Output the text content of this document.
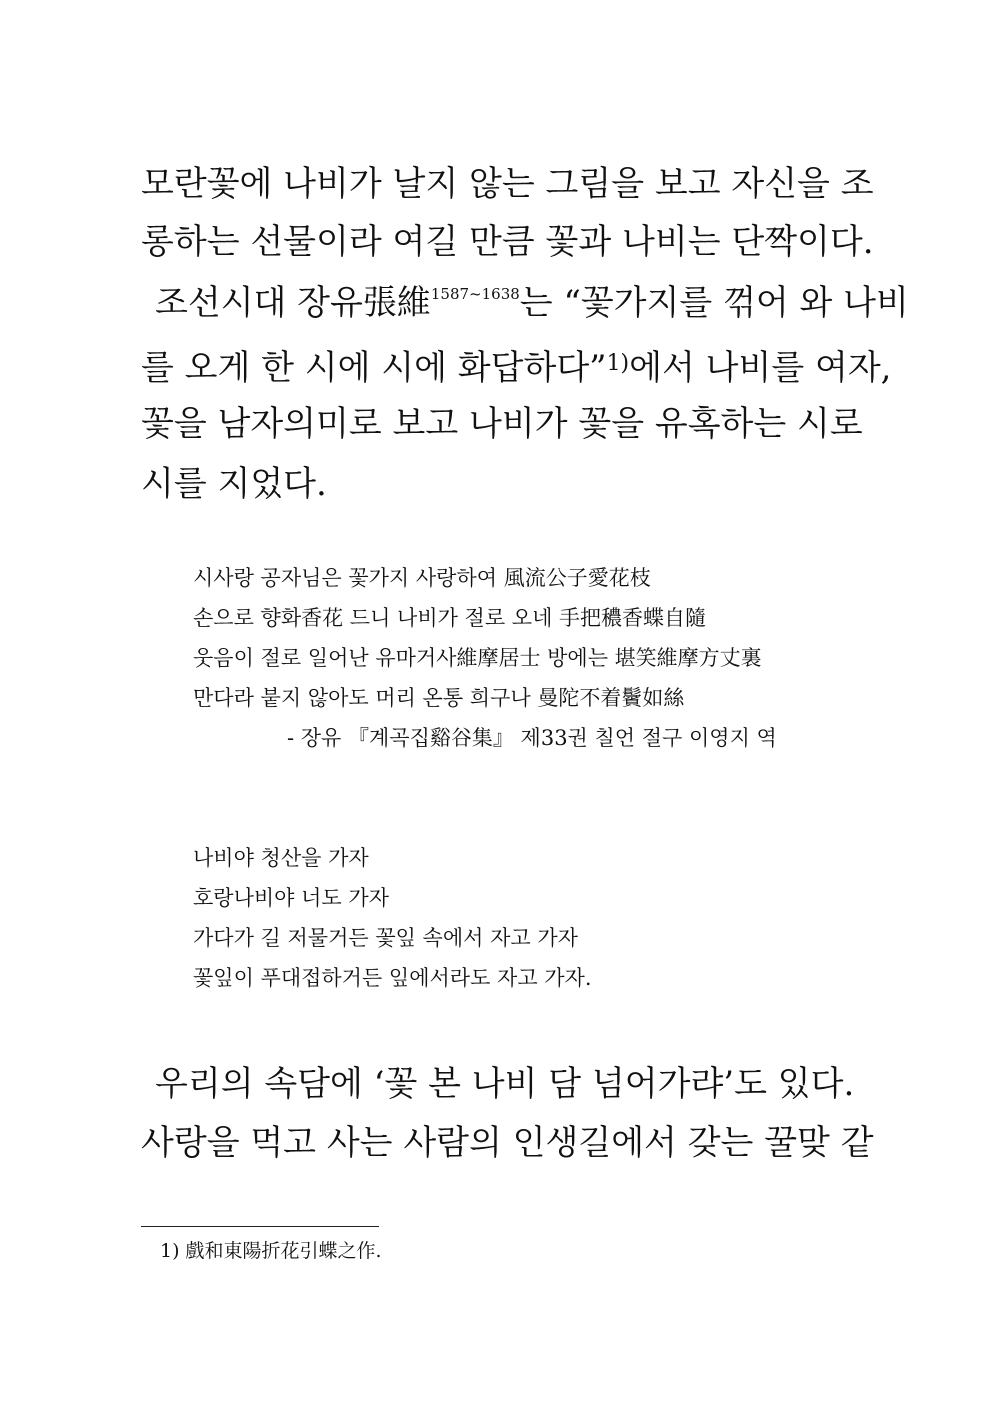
모란꽃에 나비가 날지 않는 그림을 보고 자신을 조
롱하는 선물이라 여길 만큼 꽃과 나비는 단짝이다.
조선시대 장유張維$^{1587\sim 1638}$는 “꽃가지를 꺾어 와 나비
를 오게 한 시에 시에 화답하다”$^{1)}$에서 나비를 여자,
꽃을 남자의미로 보고 나비가 꽃을 유혹하는 시로
시를 지었다.
시사랑 공자님은 꽃가지 사랑하여 風流公子愛花枝
손으로 향화香花 드니 나비가 절로 오네 手把穠香蝶自隨
웃음이 절로 일어난 유마거사維摩居士 방에는 堪笑維摩方丈裏
만다라 붙지 않아도 머리 온통 희구나 曼陀不着鬢如絲
- 장유 『계곡집谿谷集』 제33권 칠언 절구 이영지 역
나비야 청산을 가자
호랑나비야 너도 가자
가다가 길 저물거든 꽃잎 속에서 자고 가자
꽃잎이 푸대접하거든 잎에서라도 자고 가자.
우리의 속담에 ‘꽃 본 나비 담 넘어가랴’도 있다.
사랑을 먹고 사는 사람의 인생길에서 갖는 꿀맞 같
1) 戲和東陽折花引蝶之作.
